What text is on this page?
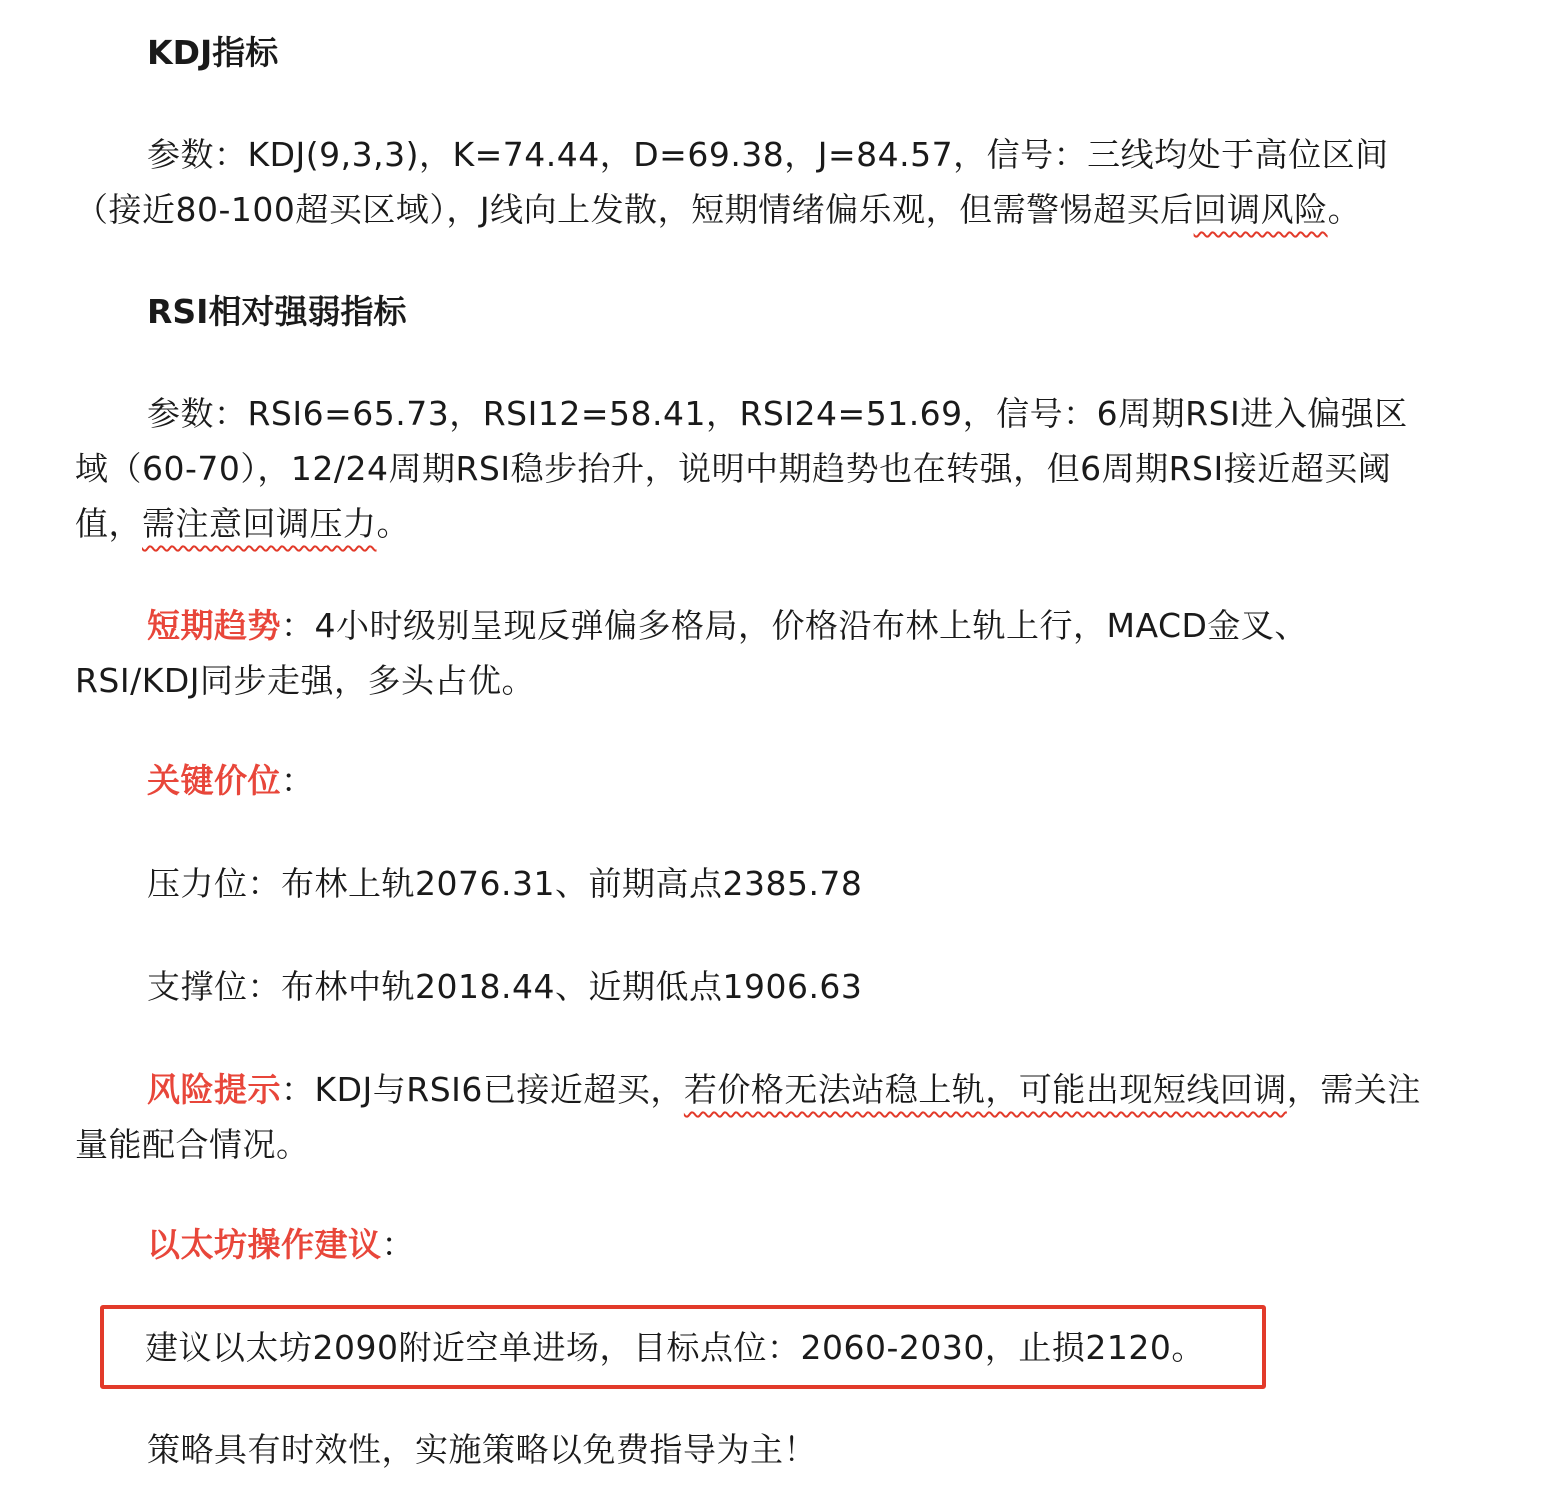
KDJ指标
参数：KDJ(9,3,3)，K=74.44，D=69.38，J=84.57，信号：三线均处于高位区间（接近80-100超买区域），J线向上发散，短期情绪偏乐观，但需警惕超买后回调风险。
RSI相对强弱指标
参数：RSI6=65.73，RSI12=58.41，RSI24=51.69，信号：6周期RSI进入偏强区域（60-70），12/24周期RSI稳步抬升，说明中期趋势也在转强，但6周期RSI接近超买阈值，需注意回调压力。
短期趋势：4小时级别呈现反弹偏多格局，价格沿布林上轨上行，MACD金叉、RSI/KDJ同步走强，多头占优。
关键价位：
压力位：布林上轨2076.31、前期高点2385.78
支撑位：布林中轨2018.44、近期低点1906.63
风险提示：KDJ与RSI6已接近超买，若价格无法站稳上轨，可能出现短线回调，需关注量能配合情况。
以太坊操作建议：
建议以太坊2090附近空单进场，目标点位：2060-2030，止损2120。
策略具有时效性，实施策略以免费指导为主！
